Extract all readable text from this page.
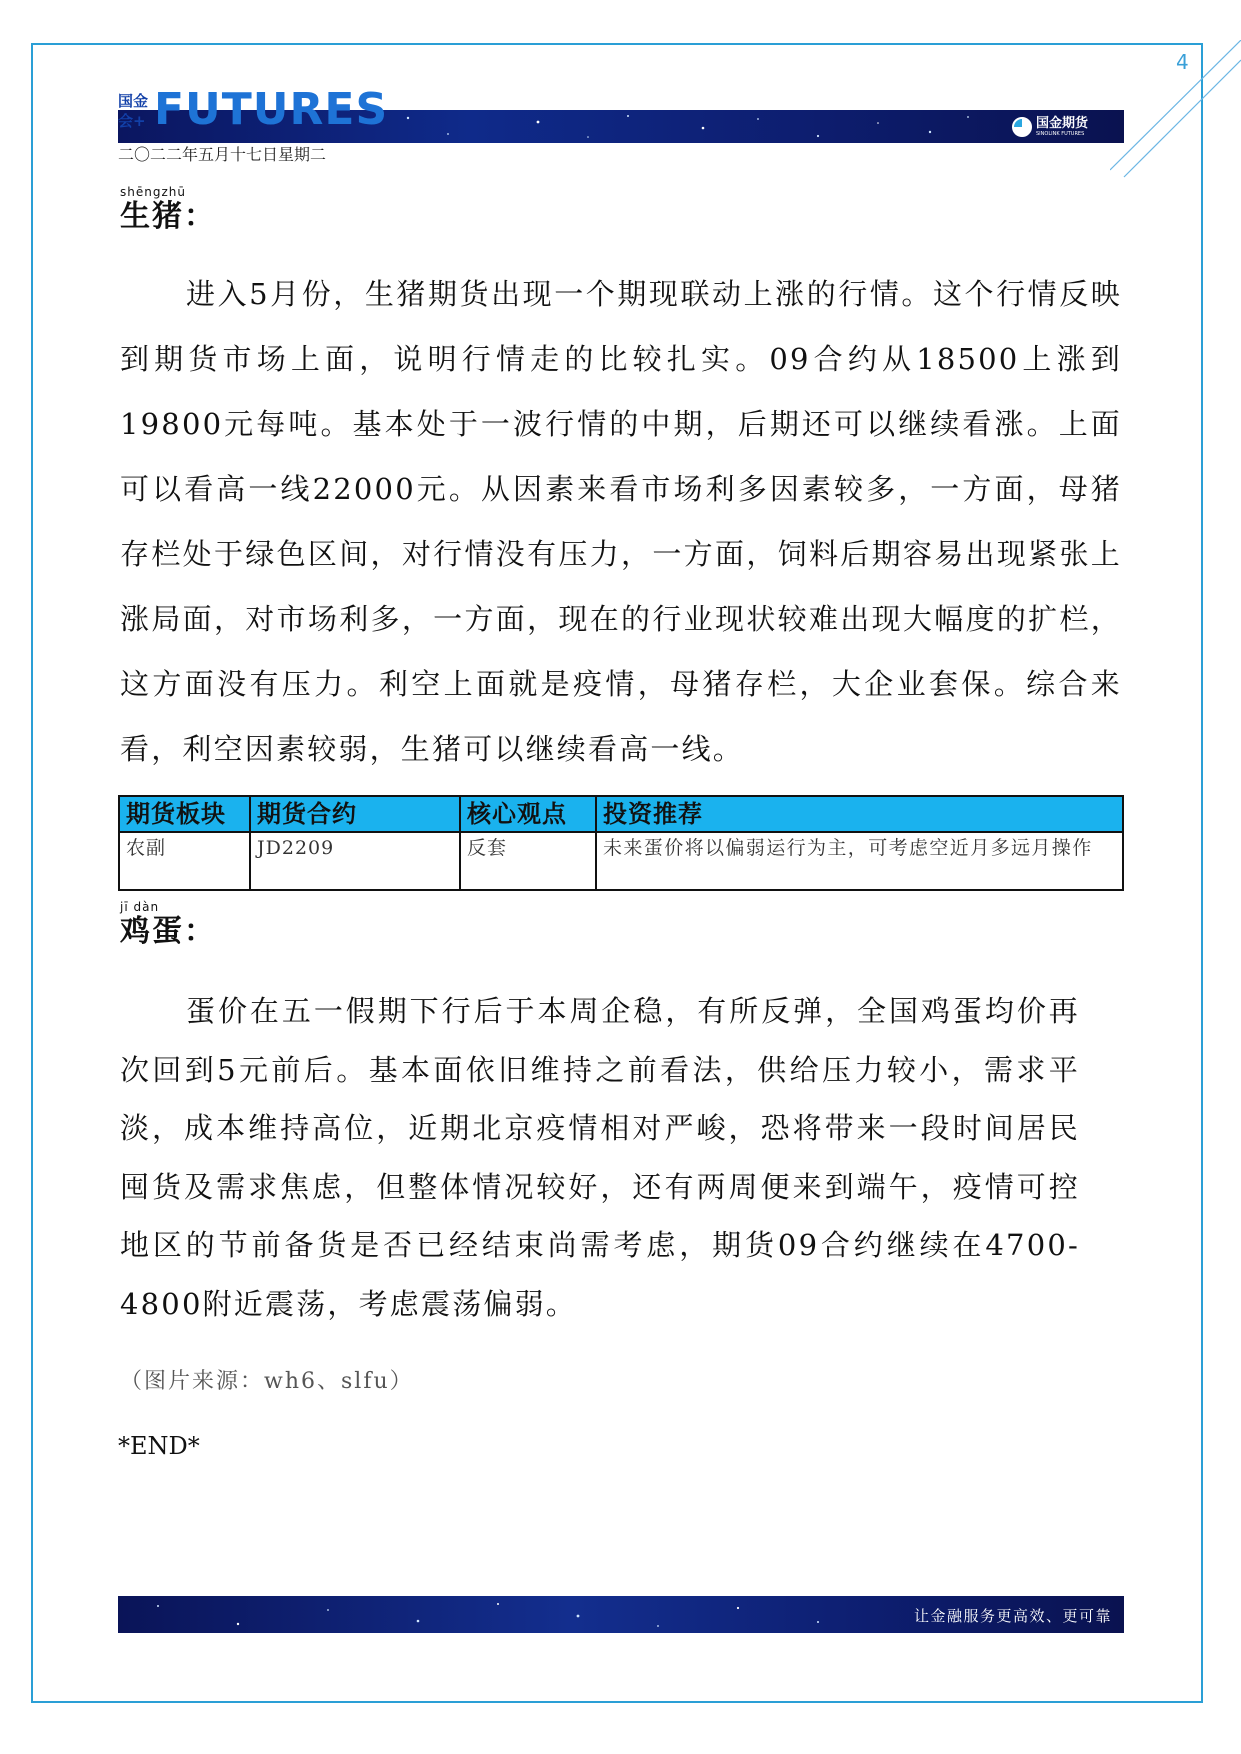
4
国金会+ FUTURES	国金期货
SINOLINK FUTURES
二〇二二年五月十七日星期二
shēngzhū
生猪：

进入5月份，生猪期货出现一个期现联动上涨的行情。这个行情反映到期货市场上面，说明行情走的比较扎实。09合约从18500上涨到19800元每吨。基本处于一波行情的中期，后期还可以继续看涨。上面可以看高一线22000元。从因素来看市场利多因素较多，一方面，母猪存栏处于绿色区间，对行情没有压力，一方面，饲料后期容易出现紧张上涨局面，对市场利多，一方面，现在的行业现状较难出现大幅度的扩栏，这方面没有压力。利空上面就是疫情，母猪存栏，大企业套保。综合来看，利空因素较弱，生猪可以继续看高一线。

期货板块	期货合约	核心观点	投资推荐
农副	JD2209	反套	未来蛋价将以偏弱运行为主，可考虑空近月多远月操作
jī dàn
鸡蛋：

蛋价在五一假期下行后于本周企稳，有所反弹，全国鸡蛋均价再次回到5元前后。基本面依旧维持之前看法，供给压力较小，需求平淡，成本维持高位，近期北京疫情相对严峻，恐将带来一段时间居民囤货及需求焦虑，但整体情况较好，还有两周便来到端午，疫情可控地区的节前备货是否已经结束尚需考虑，期货09合约继续在4700-4800附近震荡，考虑震荡偏弱。

（图片来源：wh6、slfu）
*END*
让金融服务更高效、更可靠
